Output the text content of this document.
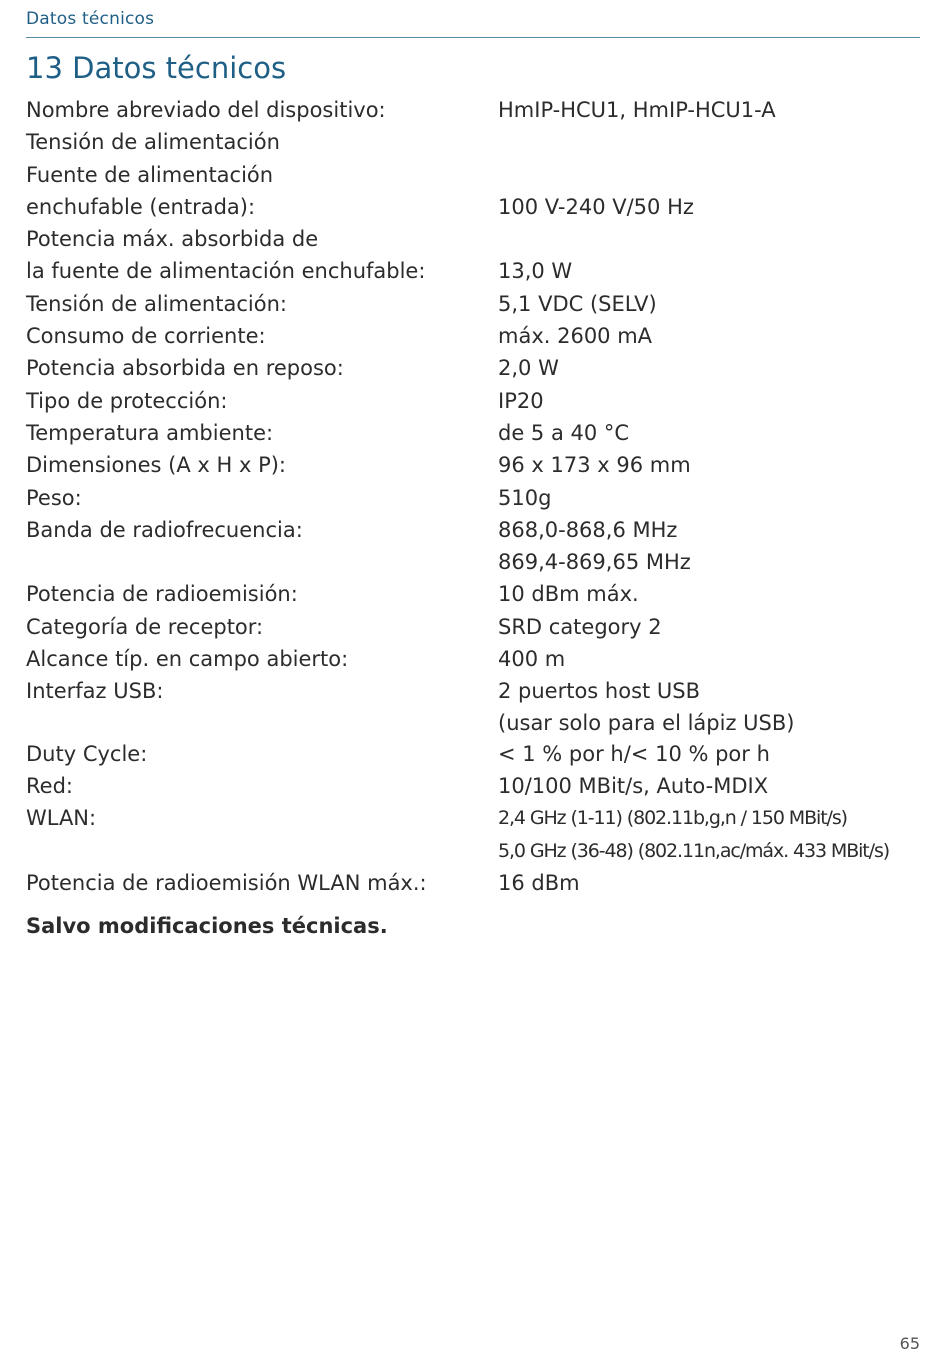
Datos técnicos
13 Datos técnicos
Nombre abreviado del dispositivo:	HmIP-HCU1, HmIP-HCU1-A
Tensión de alimentación
Fuente de alimentación
enchufable (entrada):
	100 V-240 V/50 Hz
Potencia máx. absorbida de
la fuente de alimentación enchufable:
	13,0 W
Tensión de alimentación:	5,1 VDC (SELV)
Consumo de corriente:	máx. 2600 mA
Potencia absorbida en reposo:	2,0 W
Tipo de protección:	IP20
Temperatura ambiente:	de 5 a 40 °C
Dimensiones (A x H x P):	96 x 173 x 96 mm
Peso:	510g
Banda de radiofrecuencia:	868,0-868,6 MHz
869,4-869,65 MHz
Potencia de radioemisión:	10 dBm máx.
Categoría de receptor:	SRD category 2
Alcance típ. en campo abierto:	400 m
Interfaz USB:	2 puertos host USB
(usar solo para el lápiz USB)
Duty Cycle:	< 1 % por h/< 10 % por h
Red:	10/100 MBit/s, Auto-MDIX
WLAN:	2,4 GHz (1-11) (802.11b,g,n / 150 MBit/s)
5,0 GHz (36-48) (802.11n,ac/máx. 433 MBit/s)
Potencia de radioemisión WLAN máx.:	16 dBm

Salvo modificaciones técnicas.

65
